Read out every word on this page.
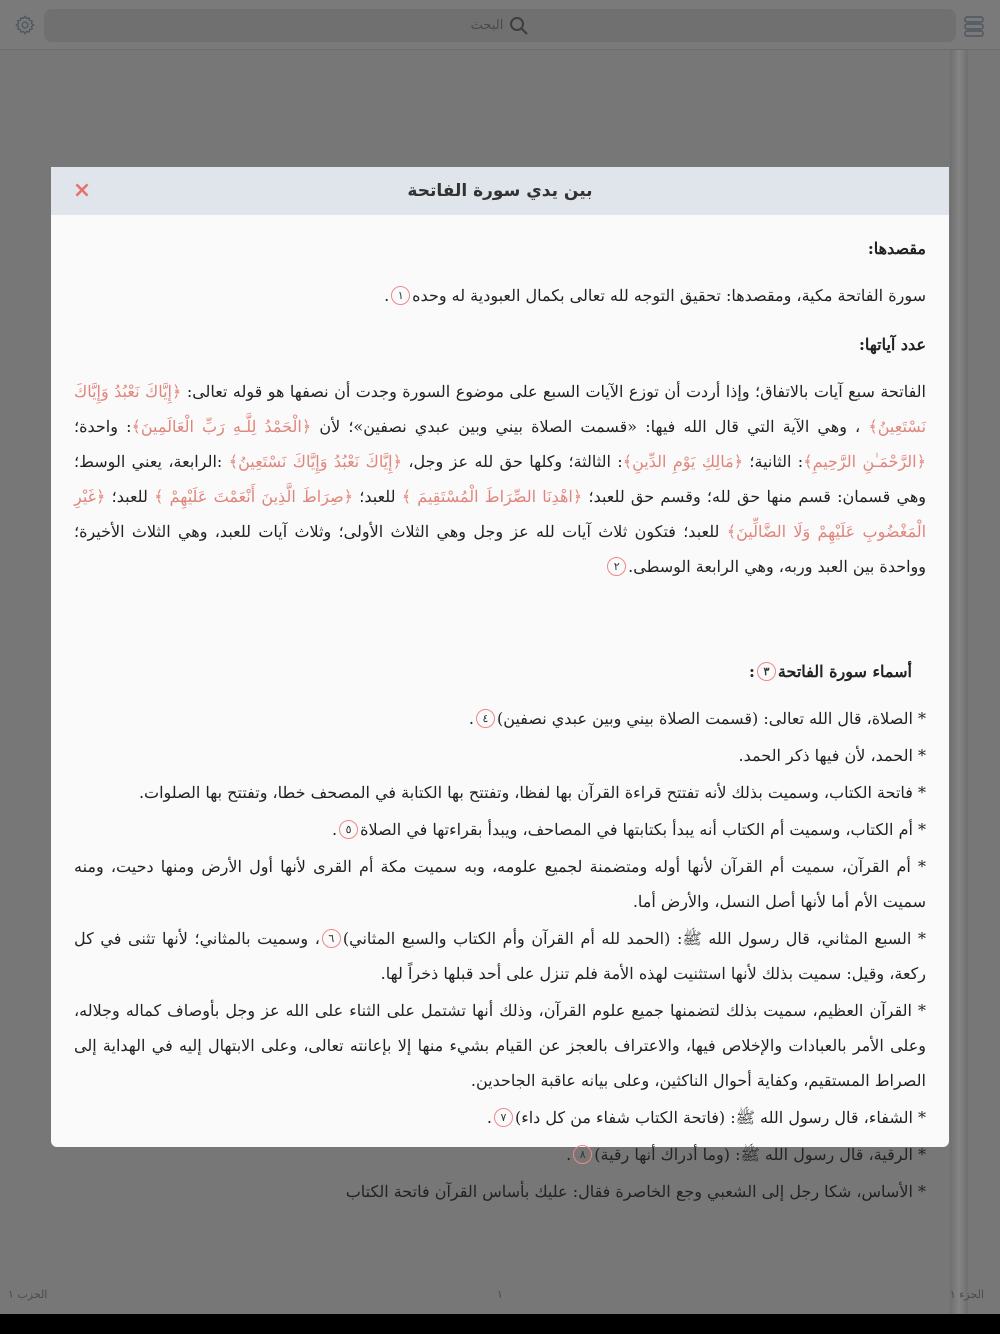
البحث
الحزب ١	١	الجزء ١
×	بين يدي سورة الفاتحة
مقصدها:
سورة الفاتحة مكية، ومقصدها: تحقيق التوجه لله تعالى بكمال العبودية له وحده١.
عدد آياتها:
الفاتحة سبع آيات بالاتفاق؛ وإذا أردت أن توزع الآيات السبع على موضوع السورة وجدت أن نصفها هو قوله تعالى: ﴿إِيَّاكَ نَعْبُدُ وَإِيَّاكَ نَسْتَعِينُ﴾ ، وهي الآية التي قال الله فيها: «قسمت الصلاة بيني وبين عبدي نصفين»؛ لأن ﴿الْحَمْدُ لِلَّـهِ رَبِّ الْعَالَمِينَ﴾: واحدة؛ ﴿الرَّحْمَـٰنِ الرَّحِيمِ﴾: الثانية؛ ﴿مَالِكِ يَوْمِ الدِّينِ﴾: الثالثة؛ وكلها حق لله عز وجل، ﴿إِيَّاكَ نَعْبُدُ وَإِيَّاكَ نَسْتَعِينُ﴾ :الرابعة، يعني الوسط؛ وهي قسمان: قسم منها حق لله؛ وقسم حق للعبد؛ ﴿اهْدِنَا الصِّرَاطَ الْمُسْتَقِيمَ ﴾ للعبد؛ ﴿صِرَاطَ الَّذِينَ أَنْعَمْتَ عَلَيْهِمْ ﴾ للعبد؛ ﴿غَيْرِ الْمَغْضُوبِ عَلَيْهِمْ وَلَا الضَّالِّينَ﴾ للعبد؛ فتكون ثلاث آيات لله عز وجل وهي الثلاث الأولى؛ وثلاث آيات للعبد، وهي الثلاث الأخيرة؛ وواحدة بين العبد وربه، وهي الرابعة الوسطى.٢
أسماء سورة الفاتحة٣:
* الصلاة، قال الله تعالى: (قسمت الصلاة بيني وبين عبدي نصفين)٤.
* الحمد، لأن فيها ذكر الحمد.
* فاتحة الكتاب، وسميت بذلك لأنه تفتتح قراءة القرآن بها لفظا، وتفتتح بها الكتابة في المصحف خطا، وتفتتح بها الصلوات.
* أم الكتاب، وسميت أم الكتاب أنه يبدأ بكتابتها في المصاحف، ويبدأ بقراءتها في الصلاة٥.
* أم القرآن، سميت أم القرآن لأنها أوله ومتضمنة لجميع علومه، وبه سميت مكة أم القرى لأنها أول الأرض ومنها دحيت، ومنه سميت الأم أما لأنها أصل النسل، والأرض أما.
* السبع المثاني، قال رسول الله ﷺ: (الحمد لله أم القرآن وأم الكتاب والسبع المثاني)٦، وسميت بالمثاني؛ لأنها تثنى في كل ركعة، وقيل: سميت بذلك لأنها استثنيت لهذه الأمة فلم تنزل على أحد قبلها ذخراً لها.
* القرآن العظيم، سميت بذلك لتضمنها جميع علوم القرآن، وذلك أنها تشتمل على الثناء على الله عز وجل بأوصاف كماله وجلاله، وعلى الأمر بالعبادات والإخلاص فيها، والاعتراف بالعجز عن القيام بشيء منها إلا بإعانته تعالى، وعلى الابتهال إليه في الهداية إلى الصراط المستقيم، وكفاية أحوال الناكثين، وعلى بيانه عاقبة الجاحدين.
* الشفاء، قال رسول الله ﷺ: (فاتحة الكتاب شفاء من كل داء)٧.
* الرقية، قال رسول الله ﷺ: (وما أدراك أنها رقية)٨.
* الأساس، شكا رجل إلى الشعبي وجع الخاصرة فقال: عليك بأساس القرآن فاتحة الكتاب
